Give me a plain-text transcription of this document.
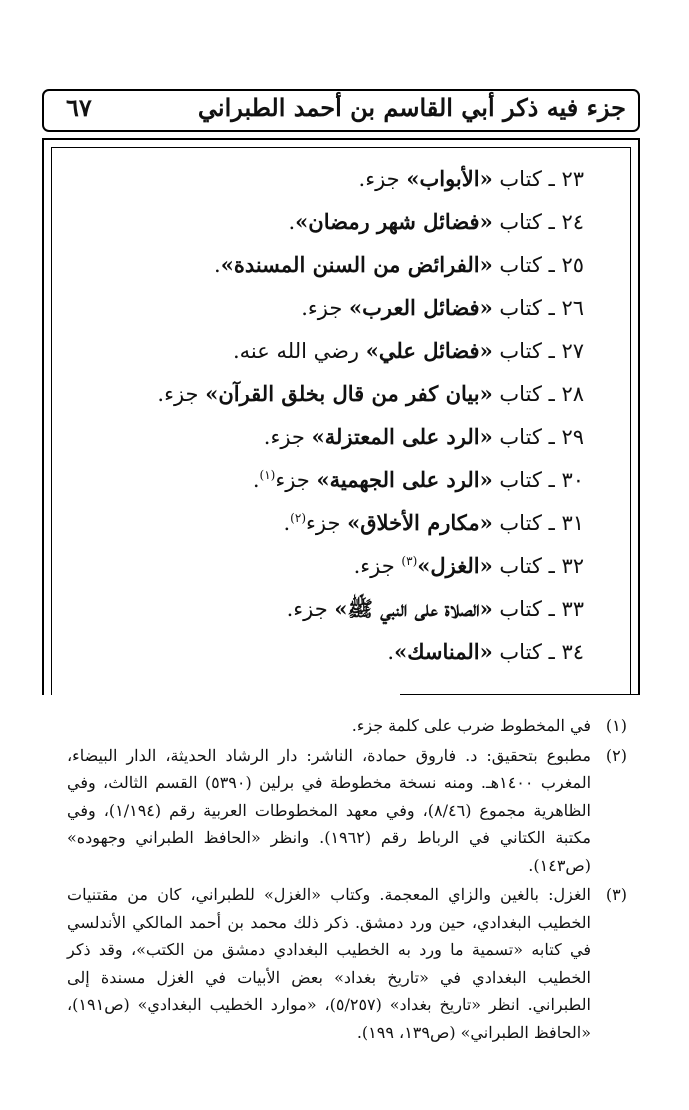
جزء فيه ذكر أبي القاسم بن أحمد الطبراني
٦٧
٢٣ ـ كتاب «الأبواب» جزء.
٢٤ ـ كتاب «فضائل شهر رمضان».
٢٥ ـ كتاب «الفرائض من السنن المسندة».
٢٦ ـ كتاب «فضائل العرب» جزء.
٢٧ ـ كتاب «فضائل علي» رضي الله عنه.
٢٨ ـ كتاب «بيان كفر من قال بخلق القرآن» جزء.
٢٩ ـ كتاب «الرد على المعتزلة» جزء.
٣٠ ـ كتاب «الرد على الجهمية» جزء$^{(١)}$.
٣١ ـ كتاب «مكارم الأخلاق» جزء$^{(٢)}$.
٣٢ ـ كتاب «الغزل»$^{(٣)}$ جزء.
٣٣ ـ كتاب «الصلاة على النبي ﷺ» جزء.
٣٤ ـ كتاب «المناسك».
(١)
في المخطوط ضرب على كلمة جزء.
(٢)
مطبوع بتحقيق: د. فاروق حمادة، الناشر: دار الرشاد الحديثة، الدار البيضاء، المغرب ١٤٠٠هـ. ومنه نسخة مخطوطة في برلين (٥٣٩٠) القسم الثالث، وفي الظاهرية مجموع (٨/٤٦)، وفي معهد المخطوطات العربية رقم (١/١٩٤)، وفي مكتبة الكتاني في الرباط رقم (١٩٦٢). وانظر «الحافظ الطبراني وجهوده» (ص١٤٣).
(٣)
الغزل: بالغين والزاي المعجمة. وكتاب «الغزل» للطبراني، كان من مقتنيات الخطيب البغدادي، حين ورد دمشق. ذكر ذلك محمد بن أحمد المالكي الأندلسي في كتابه «تسمية ما ورد به الخطيب البغدادي دمشق من الكتب»، وقد ذكر الخطيب البغدادي في «تاريخ بغداد» بعض الأبيات في الغزل مسندة إلى الطبراني. انظر «تاريخ بغداد» (٥/٢٥٧)، «موارد الخطيب البغدادي» (ص١٩١)، «الحافظ الطبراني» (ص١٣٩، ١٩٩).
